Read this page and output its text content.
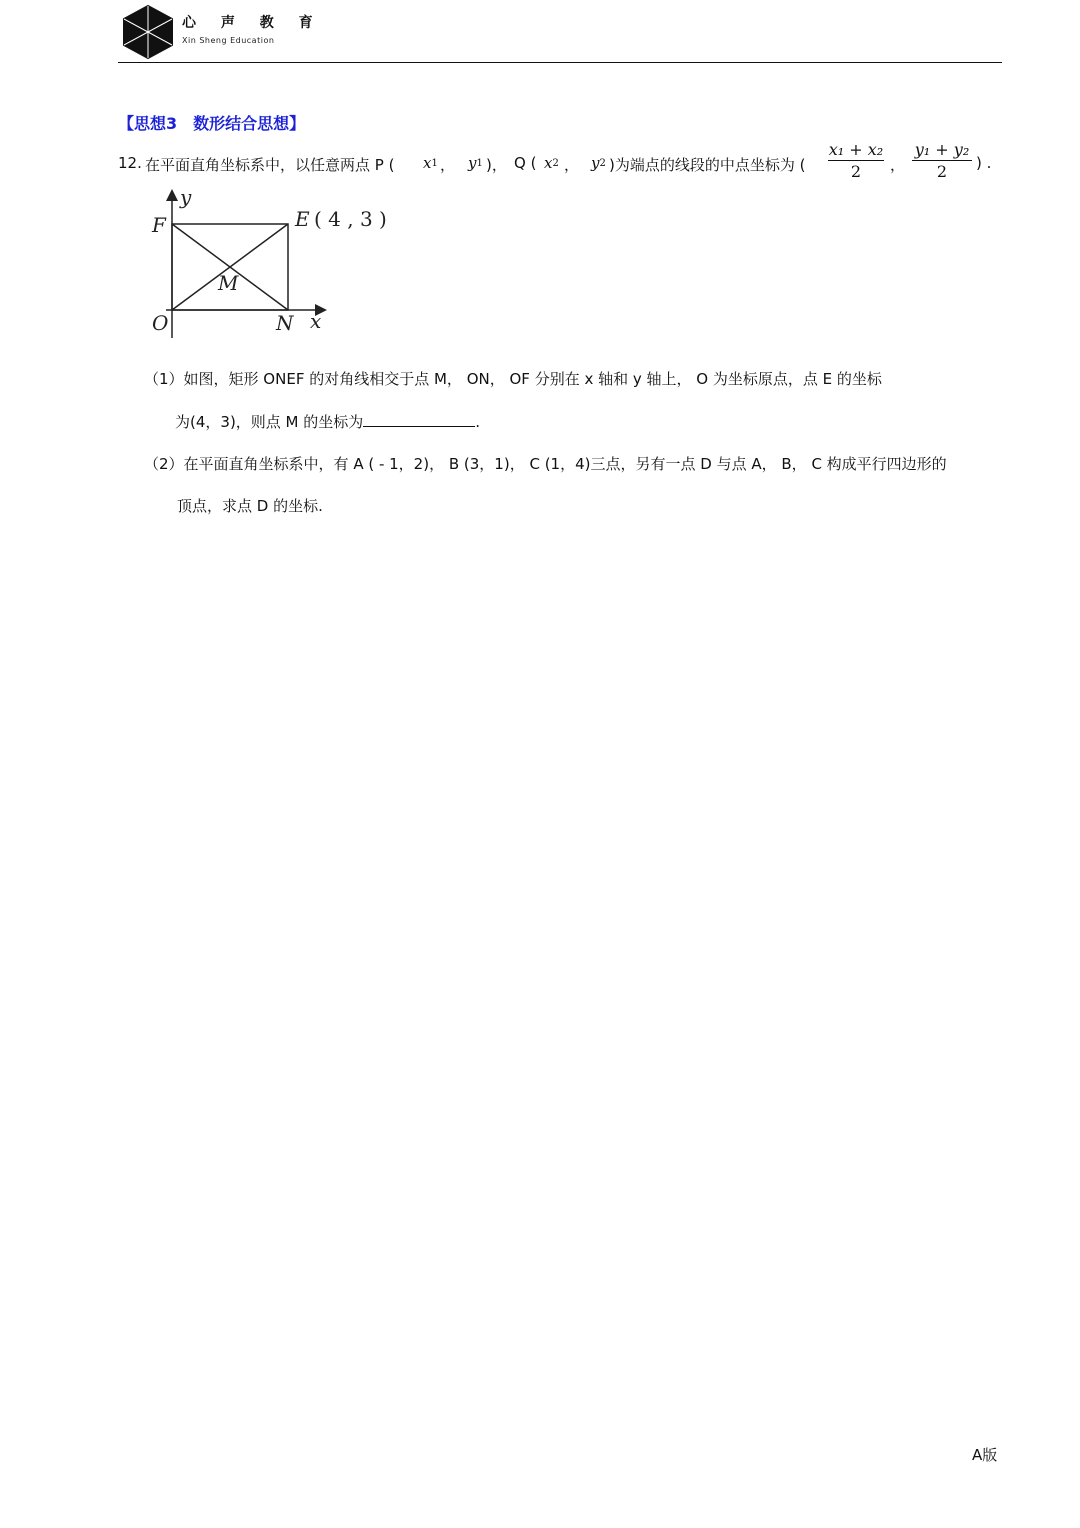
心 声 教 育
Xin Sheng Education
【思想3　数形结合思想】
12. 在平面直角坐标系中，以任意两点 P ( x 1 ， y 1 )， Q ( x 2 ， y 2 )为端点的线段的中点坐标为 (
x₁ + x₂
2	，
y₁ + y₂
2	) .
y
F	E
M
O	N x
( 4 , 3 )
（1）如图，矩形 ONEF 的对角线相交于点 M， ON， OF 分别在 x 轴和 y 轴上， O 为坐标原点，点 E 的坐标
为(4，3)，则点 M 的坐标为	.
（2）在平面直角坐标系中，有 A ( - 1，2)， B (3，1)， C (1，4)三点，另有一点 D 与点 A， B， C 构成平行四边形的
顶点，求点 D 的坐标.
A版
